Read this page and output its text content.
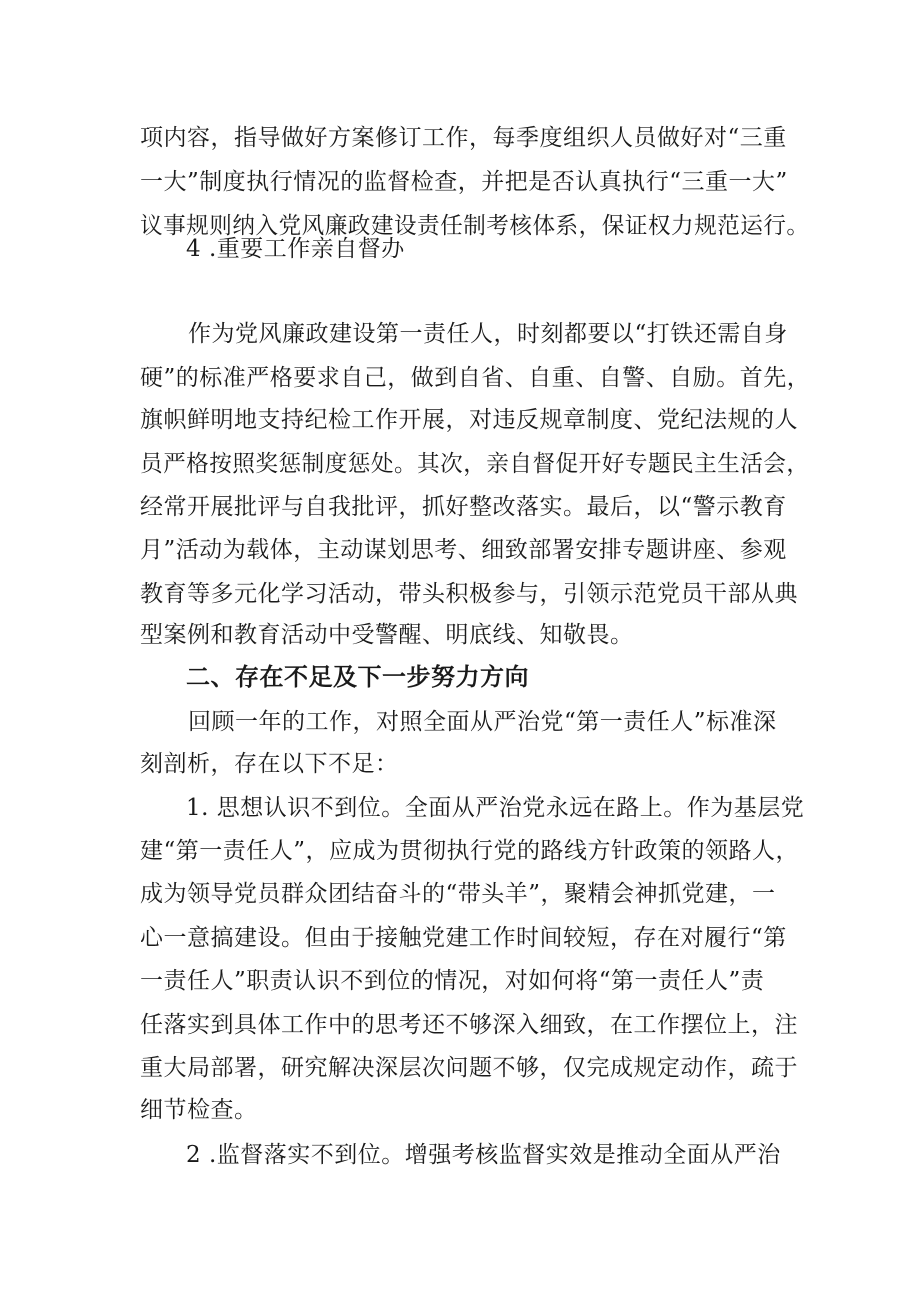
项内容，指导做好方案修订工作，每季度组织人员做好对“三重

一大”制度执行情况的监督检查，并把是否认真执行“三重一大”

议事规则纳入党风廉政建设责任制考核体系，保证权力规范运行。

4 .重要工作亲自督办

作为党风廉政建设第一责任人，时刻都要以“打铁还需自身

硬”的标准严格要求自己，做到自省、自重、自警、自励。首先，

旗帜鲜明地支持纪检工作开展，对违反规章制度、党纪法规的人

员严格按照奖惩制度惩处。其次，亲自督促开好专题民主生活会，

经常开展批评与自我批评，抓好整改落实。最后，以“警示教育

月”活动为载体，主动谋划思考、细致部署安排专题讲座、参观

教育等多元化学习活动，带头积极参与，引领示范党员干部从典

型案例和教育活动中受警醒、明底线、知敬畏。

二、存在不足及下一步努力方向

回顾一年的工作，对照全面从严治党“第一责任人”标准深

刻剖析，存在以下不足：

1. 思想认识不到位。全面从严治党永远在路上。作为基层党

建“第一责任人”，应成为贯彻执行党的路线方针政策的领路人，

成为领导党员群众团结奋斗的“带头羊”，聚精会神抓党建，一

心一意搞建设。但由于接触党建工作时间较短，存在对履行“第

一责任人”职责认识不到位的情况，对如何将“第一责任人”责

任落实到具体工作中的思考还不够深入细致，在工作摆位上，注

重大局部署，研究解决深层次问题不够，仅完成规定动作，疏于

细节检查。

2 .监督落实不到位。增强考核监督实效是推动全面从严治
